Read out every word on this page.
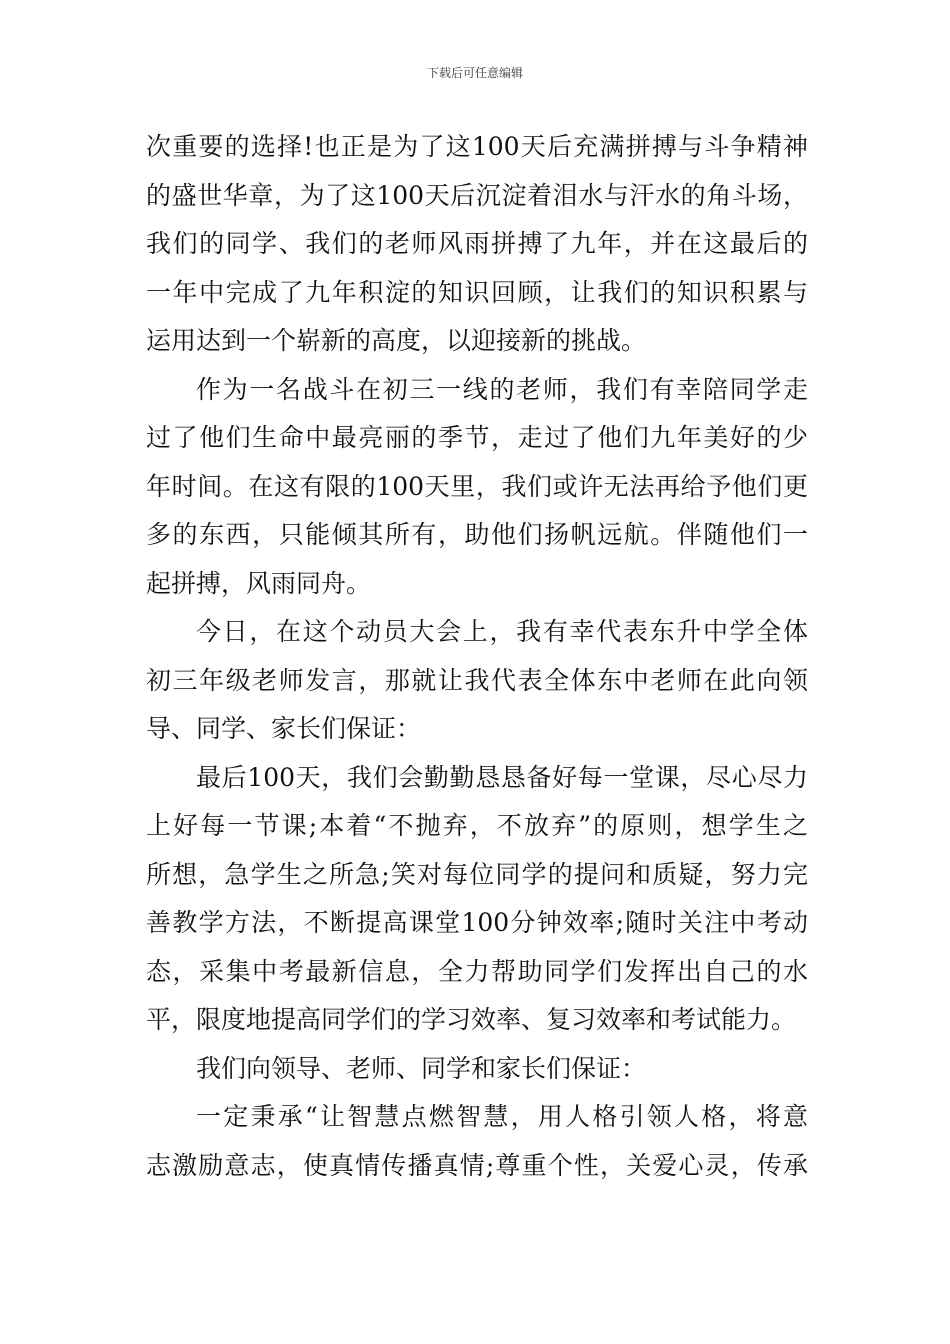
下载后可任意编辑
次重要的选择!也正是为了这100天后充满拼搏与斗争精神
的盛世华章，为了这100天后沉淀着泪水与汗水的角斗场，
我们的同学、我们的老师风雨拼搏了九年，并在这最后的
一年中完成了九年积淀的知识回顾，让我们的知识积累与
运用达到一个崭新的高度，以迎接新的挑战。
作为一名战斗在初三一线的老师，我们有幸陪同学走
过了他们生命中最亮丽的季节，走过了他们九年美好的少
年时间。在这有限的100天里，我们或许无法再给予他们更
多的东西，只能倾其所有，助他们扬帆远航。伴随他们一
起拼搏，风雨同舟。
今日，在这个动员大会上，我有幸代表东升中学全体
初三年级老师发言，那就让我代表全体东中老师在此向领
导、同学、家长们保证：
最后100天，我们会勤勤恳恳备好每一堂课，尽心尽力
上好每一节课;本着“不抛弃，不放弃”的原则，想学生之
所想，急学生之所急;笑对每位同学的提问和质疑，努力完
善教学方法，不断提高课堂100分钟效率;随时关注中考动
态，采集中考最新信息，全力帮助同学们发挥出自己的水
平，限度地提高同学们的学习效率、复习效率和考试能力。
我们向领导、老师、同学和家长们保证：
一定秉承“让智慧点燃智慧，用人格引领人格，将意
志激励意志，使真情传播真情;尊重个性，关爱心灵，传承
